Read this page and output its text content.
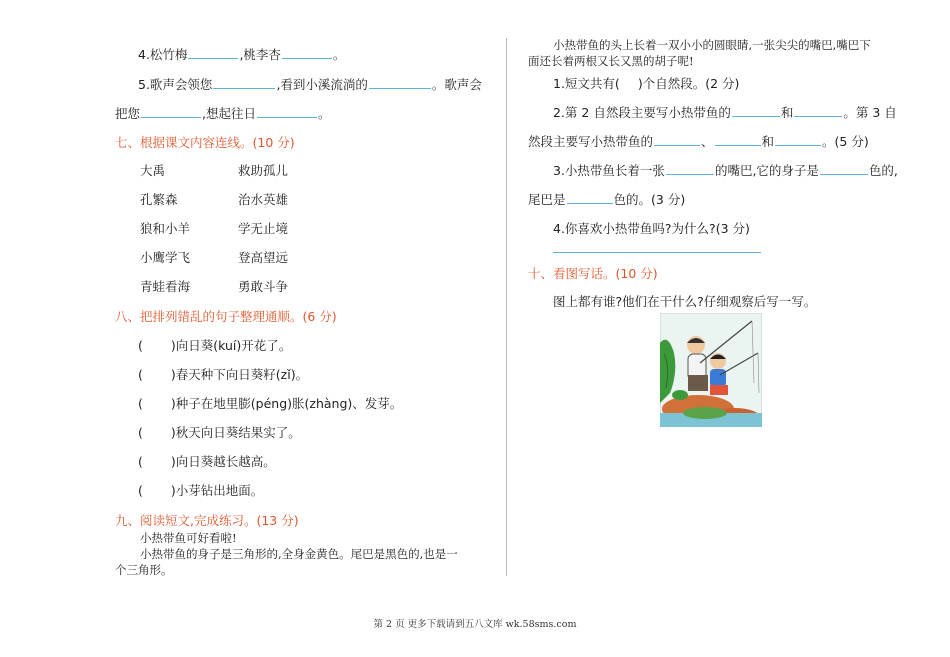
4.松竹梅	,桃李杏	。
5.歌声会领您	,看到小溪流淌的	。歌声会
把您	,想起往日	。
七、根据课文内容连线。(10 分)
大禹	救助孤儿
孔繁森	治水英雄
狼和小羊	学无止境
小鹰学飞	登高望远
青蛙看海	勇敢斗争
八、把排列错乱的句子整理通顺。(6 分)
( )向日葵(kuí)开花了。
( )春天种下向日葵籽(zǐ)。
( )种子在地里膨(péng)胀(zhàng)、发芽。
( )秋天向日葵结果实了。
( )向日葵越长越高。
( )小芽钻出地面。
九、阅读短文,完成练习。(13 分)
小热带鱼可好看啦!
小热带鱼的身子是三角形的,全身金黄色。尾巴是黑色的,也是一
个三角形。
小热带鱼的头上长着一双小小的圆眼睛,一张尖尖的嘴巴,嘴巴下
面还长着两根又长又黑的胡子呢!
1.短文共有( )个自然段。(2 分)
2.第 2 自然段主要写小热带鱼的	和	。第 3 自
然段主要写小热带鱼的	、	和	。(5 分)
3.小热带鱼长着一张	的嘴巴,它的身子是	色的,
尾巴是	色的。(3 分)
4.你喜欢小热带鱼吗?为什么?(3 分)
十、看图写话。(10 分)
图上都有谁?他们在干什么?仔细观察后写一写。
第 2 页 更多下载请到五八文库 wk.58sms.com
